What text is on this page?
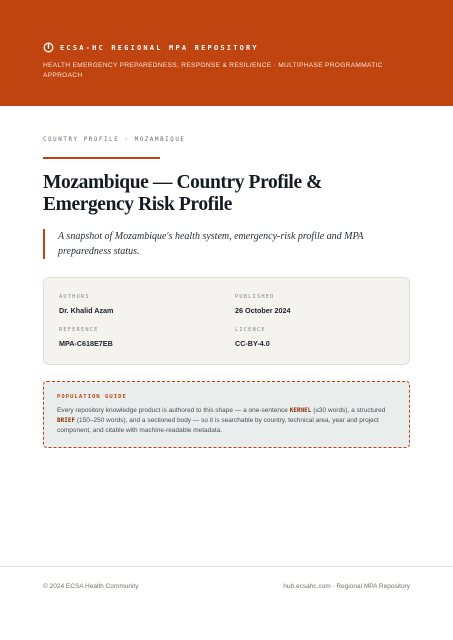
ECSA-HC REGIONAL MPA REPOSITORY
HEALTH EMERGENCY PREPAREDNESS, RESPONSE & RESILIENCE · MULTIPHASE PROGRAMMATIC APPROACH
COUNTRY PROFILE · MOZAMBIQUE
Mozambique — Country Profile & Emergency Risk Profile

A snapshot of Mozambique's health system, emergency-risk profile and MPA preparedness status.

AUTHORS
Dr. Khalid Azam
PUBLISHED
26 October 2024
REFERENCE
MPA-C618E7EB
LICENCE
CC-BY-4.0
POPULATION GUIDE
Every repository knowledge product is authored to this shape — a one-sentence KERNEL (≤30 words), a structured BRIEF (150–250 words), and a sectioned body — so it is searchable by country, technical area, year and project component, and citable with machine-readable metadata.
© 2024 ECSA Health Community	hub.ecsahc.com · Regional MPA Repository
